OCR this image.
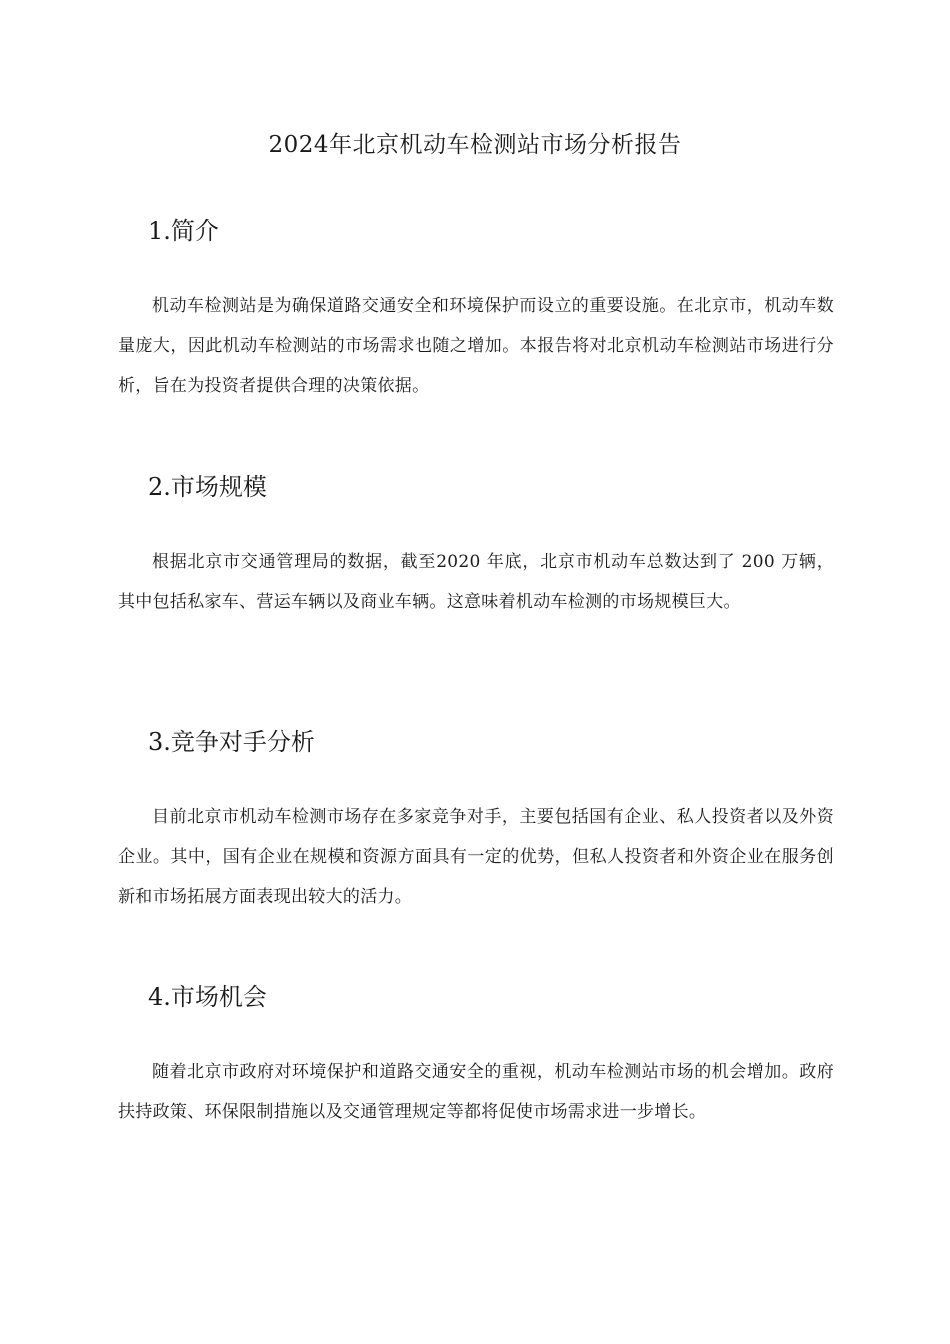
2024年北京机动车检测站市场分析报告
1.简介

机动车检测站是为确保道路交通安全和环境保护而设立的重要设施。在北京市，机动车数量庞大，因此机动车检测站的市场需求也随之增加。本报告将对北京机动车检测站市场进行分析，旨在为投资者提供合理的决策依据。

2.市场规模

根据北京市交通管理局的数据，截至2020 年底，北京市机动车总数达到了 200 万辆，其中包括私家车、营运车辆以及商业车辆。这意味着机动车检测的市场规模巨大。

3.竞争对手分析

目前北京市机动车检测市场存在多家竞争对手，主要包括国有企业、私人投资者以及外资企业。其中，国有企业在规模和资源方面具有一定的优势，但私人投资者和外资企业在服务创新和市场拓展方面表现出较大的活力。

4.市场机会

随着北京市政府对环境保护和道路交通安全的重视，机动车检测站市场的机会增加。政府扶持政策、环保限制措施以及交通管理规定等都将促使市场需求进一步增长。
